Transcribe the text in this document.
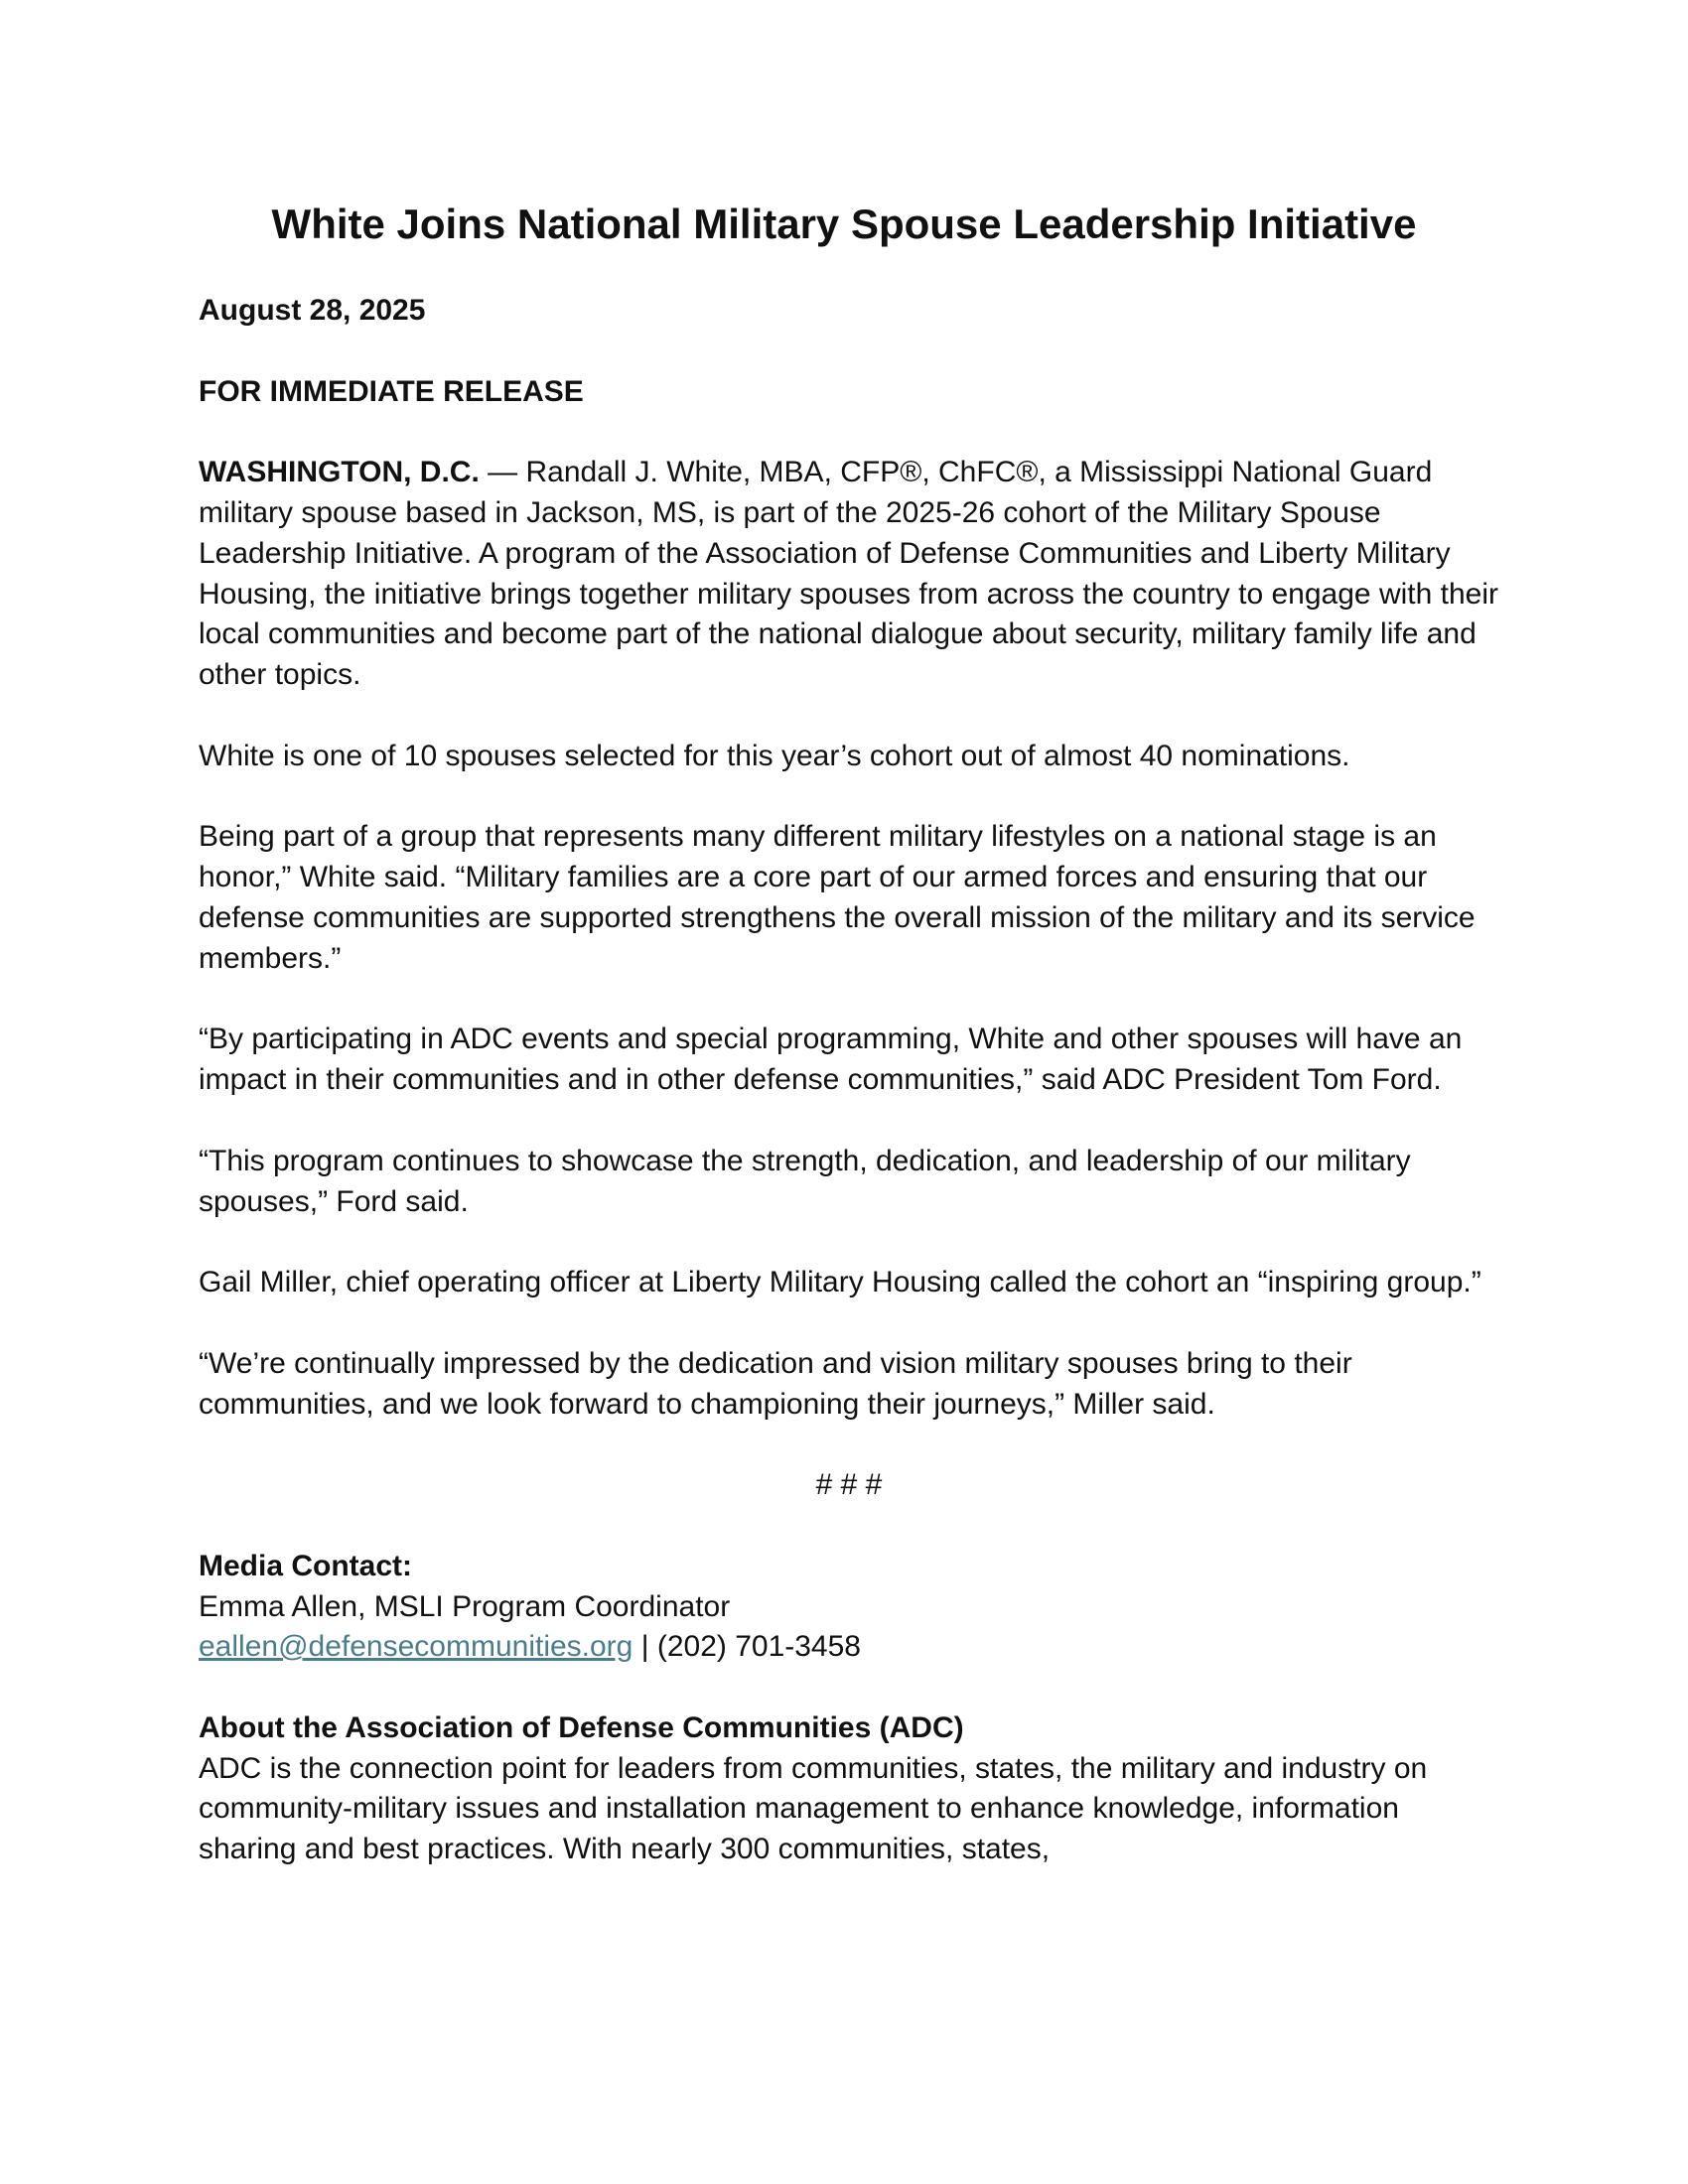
White Joins National Military Spouse Leadership Initiative

August 28, 2025

FOR IMMEDIATE RELEASE

WASHINGTON, D.C. — Randall J. White, MBA, CFP®, ChFC®, a Mississippi National Guard military spouse based in Jackson, MS, is part of the 2025-26 cohort of the Military Spouse Leadership Initiative. A program of the Association of Defense Communities and Liberty Military Housing, the initiative brings together military spouses from across the country to engage with their local communities and become part of the national dialogue about security, military family life and other topics.

White is one of 10 spouses selected for this year’s cohort out of almost 40 nominations.

Being part of a group that represents many different military lifestyles on a national stage is an honor,” White said. “Military families are a core part of our armed forces and ensuring that our defense communities are supported strengthens the overall mission of the military and its service members.”

“By participating in ADC events and special programming, White and other spouses will have an impact in their communities and in other defense communities,” said ADC President Tom Ford.

“This program continues to showcase the strength, dedication, and leadership of our military spouses,” Ford said.

Gail Miller, chief operating officer at Liberty Military Housing called the cohort an “inspiring group.”

“We’re continually impressed by the dedication and vision military spouses bring to their communities, and we look forward to championing their journeys,” Miller said.

# # #

Media Contact:

Emma Allen, MSLI Program Coordinator

eallen@defensecommunities.org | (202) 701-3458

About the Association of Defense Communities (ADC)

ADC is the connection point for leaders from communities, states, the military and industry on community-military issues and installation management to enhance knowledge, information sharing and best practices. With nearly 300 communities, states,
